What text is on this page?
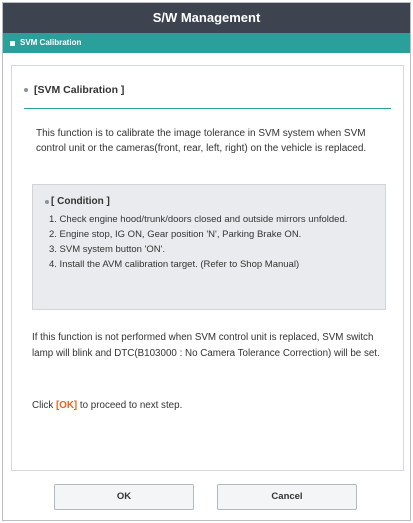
S/W Management
SVM Calibration
[SVM Calibration ]
This function is to calibrate the image tolerance in SVM system when SVM control unit or the cameras(front, rear, left, right) on the vehicle is replaced.
[ Condition ]
1. Check engine hood/trunk/doors closed and outside mirrors unfolded.
2. Engine stop, IG ON, Gear position 'N', Parking Brake ON.
3. SVM system button 'ON'.
4. Install the AVM calibration target. (Refer to Shop Manual)
If this function is not performed when SVM control unit is replaced, SVM switch lamp will blink and DTC(B103000 : No Camera Tolerance Correction) will be set.
Click [OK] to proceed to next step.
OK	Cancel
